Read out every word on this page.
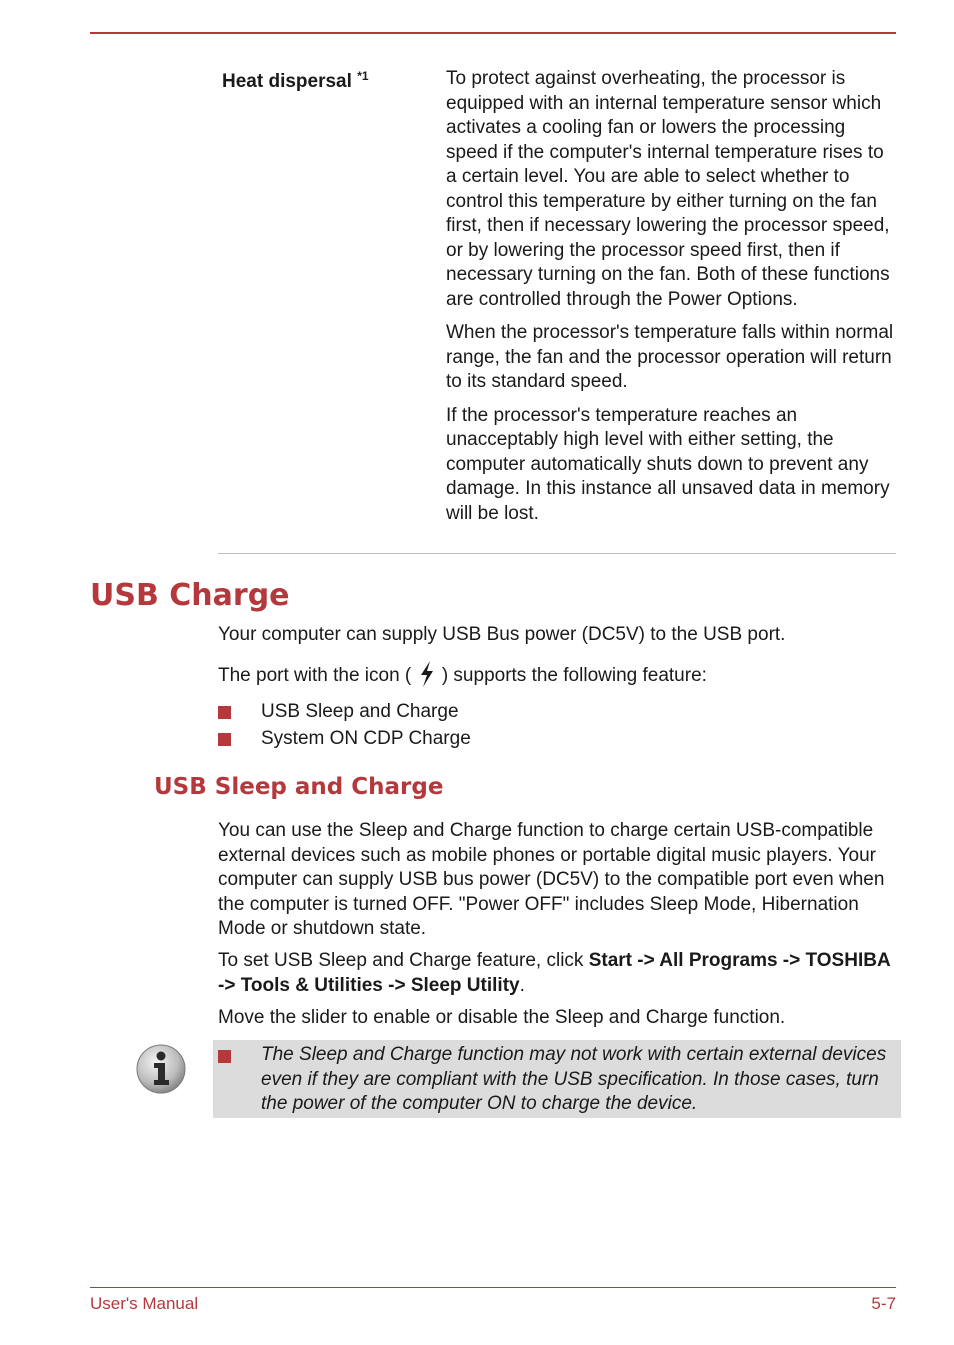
Heat dispersal $^{*1}$	To protect against overheating, the processor is equipped with an internal temperature sensor which activates a cooling fan or lowers the processing speed if the computer's internal temperature rises to a certain level. You are able to select whether to control this temperature by either turning on the fan first, then if necessary lowering the processor speed, or by lowering the processor speed first, then if necessary turning on the fan. Both of these functions are controlled through the Power Options.

When the processor's temperature falls within normal range, the fan and the processor operation will return to its standard speed.

If the processor's temperature reaches an unacceptably high level with either setting, the computer automatically shuts down to prevent any damage. In this instance all unsaved data in memory will be lost.

USB Charge

Your computer can supply USB Bus power (DC5V) to the USB port.

The port with the icon ( ) supports the following feature:

USB Sleep and Charge
System ON CDP Charge
USB Sleep and Charge

You can use the Sleep and Charge function to charge certain USB-compatible external devices such as mobile phones or portable digital music players. Your computer can supply USB bus power (DC5V) to the compatible port even when the computer is turned OFF. "Power OFF" includes Sleep Mode, Hibernation Mode or shutdown state.

To set USB Sleep and Charge feature, click Start -> All Programs -> TOSHIBA -> Tools & Utilities -> Sleep Utility.

Move the slider to enable or disable the Sleep and Charge function.

The Sleep and Charge function may not work with certain external devices even if they are compliant with the USB specification. In those cases, turn the power of the computer ON to charge the device.

User's Manual	5-7
